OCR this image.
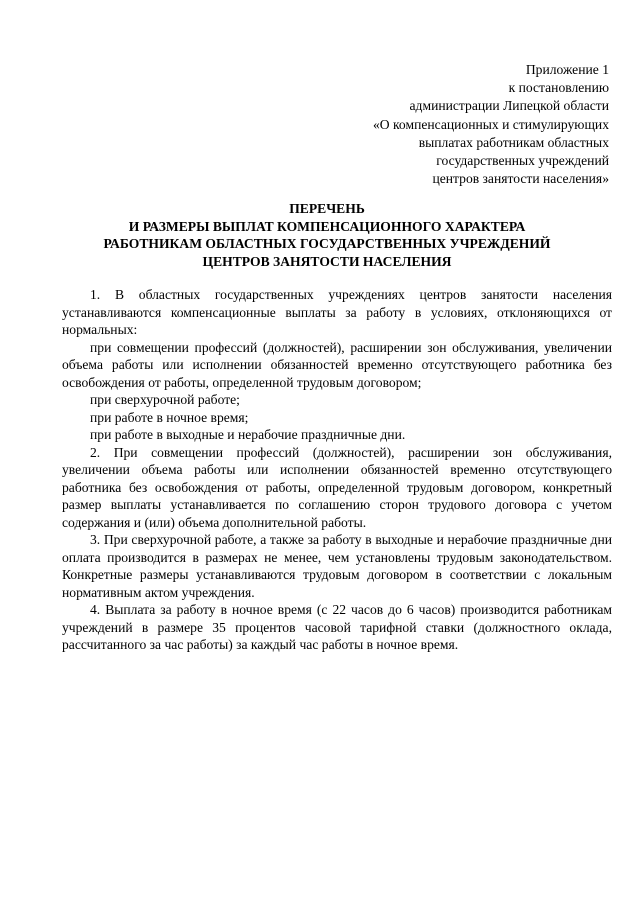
Приложение 1
к постановлению
администрации Липецкой области
«О компенсационных и стимулирующих
выплатах работникам областных
государственных учреждений
центров занятости населения»
ПЕРЕЧЕНЬ
И РАЗМЕРЫ ВЫПЛАТ КОМПЕНСАЦИОННОГО ХАРАКТЕРА
РАБОТНИКАМ ОБЛАСТНЫХ ГОСУДАРСТВЕННЫХ УЧРЕЖДЕНИЙ
ЦЕНТРОВ ЗАНЯТОСТИ НАСЕЛЕНИЯ

1. В областных государственных учреждениях центров занятости населения устанавливаются компенсационные выплаты за работу в условиях, отклоняющихся от нормальных:

при совмещении профессий (должностей), расширении зон обслуживания, увеличении объема работы или исполнении обязанностей временно отсутствующего работника без освобождения от работы, определенной трудовым договором;

при сверхурочной работе;

при работе в ночное время;

при работе в выходные и нерабочие праздничные дни.

2. При совмещении профессий (должностей), расширении зон обслуживания, увеличении объема работы или исполнении обязанностей временно отсутствующего работника без освобождения от работы, определенной трудовым договором, конкретный размер выплаты устанавливается по соглашению сторон трудового договора с учетом содержания и (или) объема дополнительной работы.

3. При сверхурочной работе, а также за работу в выходные и нерабочие праздничные дни оплата производится в размерах не менее, чем установлены трудовым законодательством. Конкретные размеры устанавливаются трудовым договором в соответствии с локальным нормативным актом учреждения.

4. Выплата за работу в ночное время (с 22 часов до 6 часов) производится работникам учреждений в размере 35 процентов часовой тарифной ставки (должностного оклада, рассчитанного за час работы) за каждый час работы в ночное время.
